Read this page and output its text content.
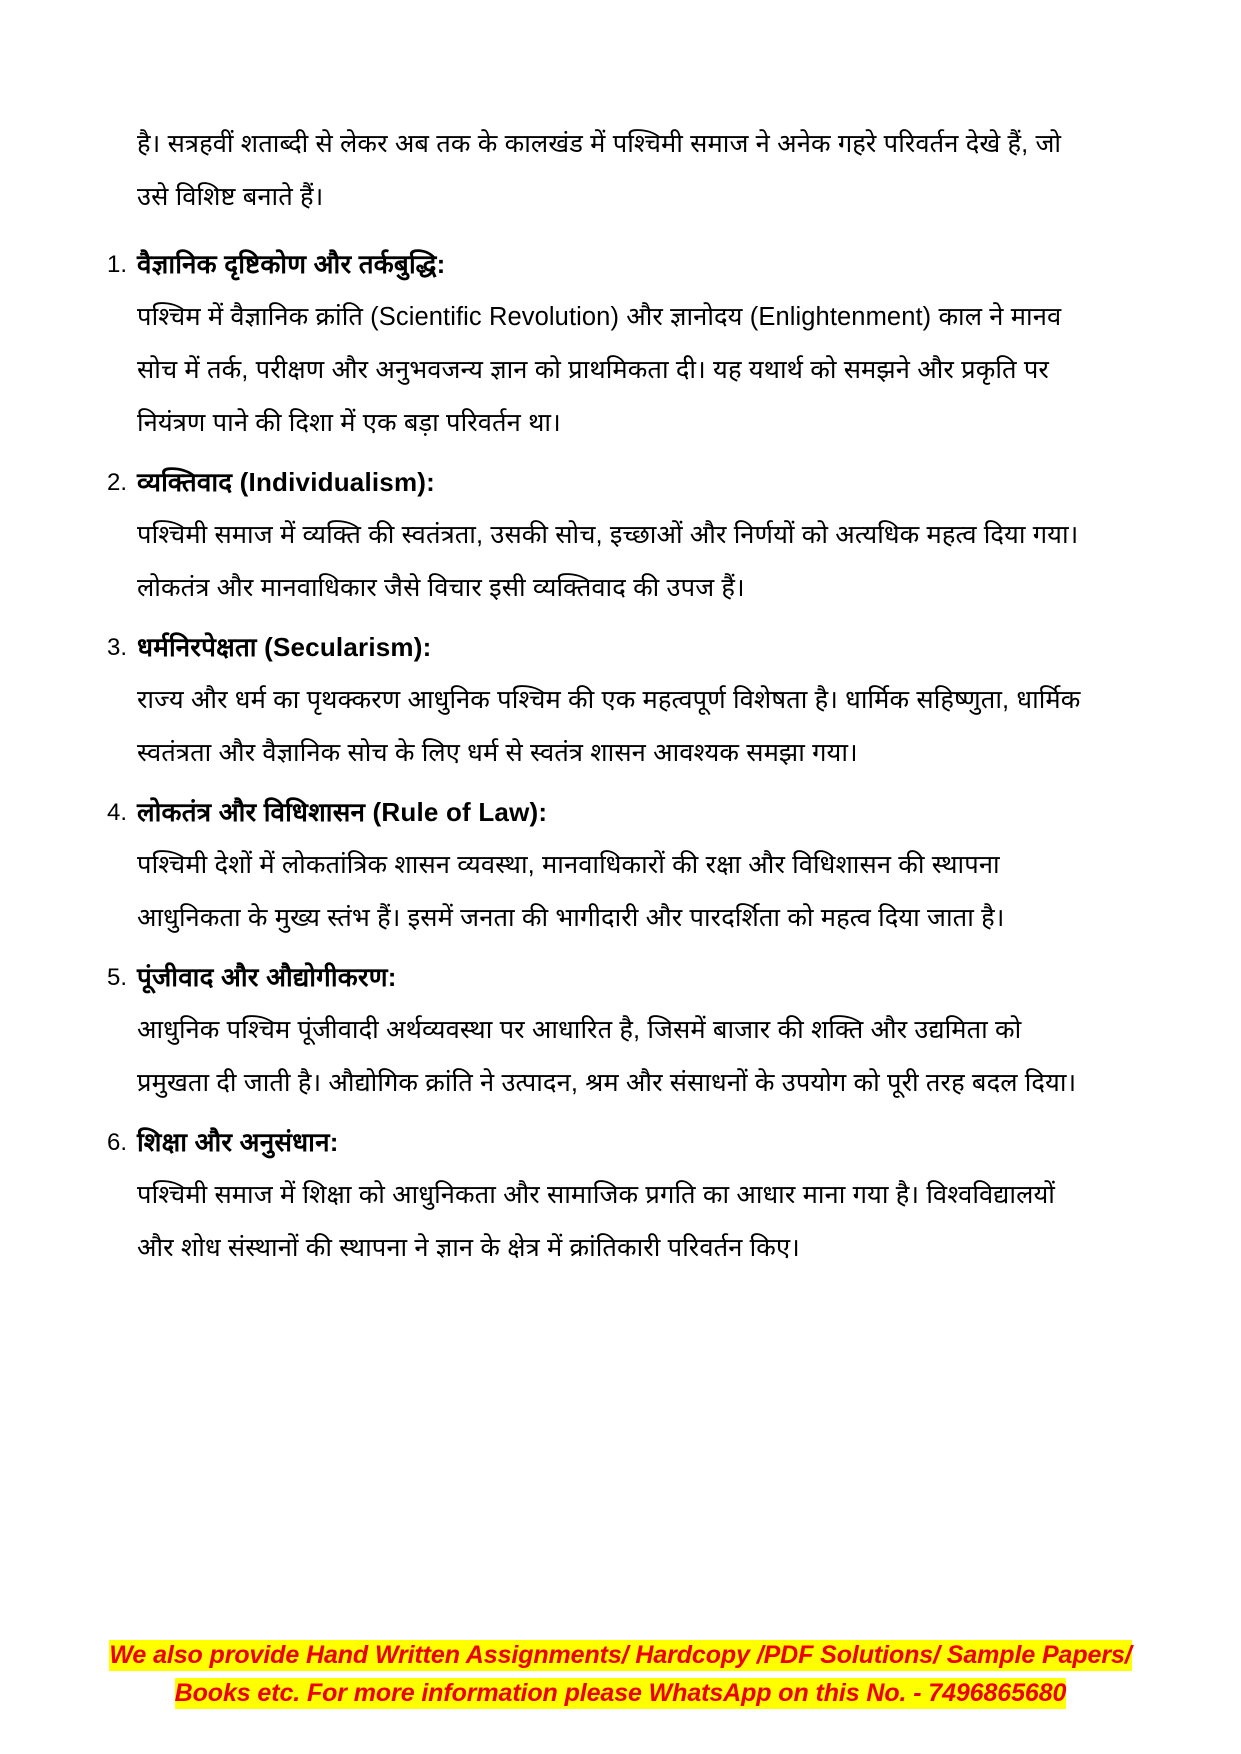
है। सत्रहवीं शताब्दी से लेकर अब तक के कालखंड में पश्चिमी समाज ने अनेक गहरे परिवर्तन देखे हैं, जो उसे विशिष्ट बनाते हैं।

वैज्ञानिक दृष्टिकोण और तर्कबुद्धि:
पश्चिम में वैज्ञानिक क्रांति (Scientific Revolution) और ज्ञानोदय (Enlightenment) काल ने मानव सोच में तर्क, परीक्षण और अनुभवजन्य ज्ञान को प्राथमिकता दी। यह यथार्थ को समझने और प्रकृति पर नियंत्रण पाने की दिशा में एक बड़ा परिवर्तन था।
व्यक्तिवाद (Individualism):
पश्चिमी समाज में व्यक्ति की स्वतंत्रता, उसकी सोच, इच्छाओं और निर्णयों को अत्यधिक महत्व दिया गया। लोकतंत्र और मानवाधिकार जैसे विचार इसी व्यक्तिवाद की उपज हैं।
धर्मनिरपेक्षता (Secularism):
राज्य और धर्म का पृथक्करण आधुनिक पश्चिम की एक महत्वपूर्ण विशेषता है। धार्मिक सहिष्णुता, धार्मिक स्वतंत्रता और वैज्ञानिक सोच के लिए धर्म से स्वतंत्र शासन आवश्यक समझा गया।
लोकतंत्र और विधिशासन (Rule of Law):
पश्चिमी देशों में लोकतांत्रिक शासन व्यवस्था, मानवाधिकारों की रक्षा और विधिशासन की स्थापना आधुनिकता के मुख्य स्तंभ हैं। इसमें जनता की भागीदारी और पारदर्शिता को महत्व दिया जाता है।
पूंजीवाद और औद्योगीकरण:
आधुनिक पश्चिम पूंजीवादी अर्थव्यवस्था पर आधारित है, जिसमें बाजार की शक्ति और उद्यमिता को प्रमुखता दी जाती है। औद्योगिक क्रांति ने उत्पादन, श्रम और संसाधनों के उपयोग को पूरी तरह बदल दिया।
शिक्षा और अनुसंधान:
पश्चिमी समाज में शिक्षा को आधुनिकता और सामाजिक प्रगति का आधार माना गया है। विश्वविद्यालयों और शोध संस्थानों की स्थापना ने ज्ञान के क्षेत्र में क्रांतिकारी परिवर्तन किए।
We also provide Hand Written Assignments/ Hardcopy /PDF Solutions/ Sample Papers/
Books etc. For more information please WhatsApp on this No. - 7496865680
